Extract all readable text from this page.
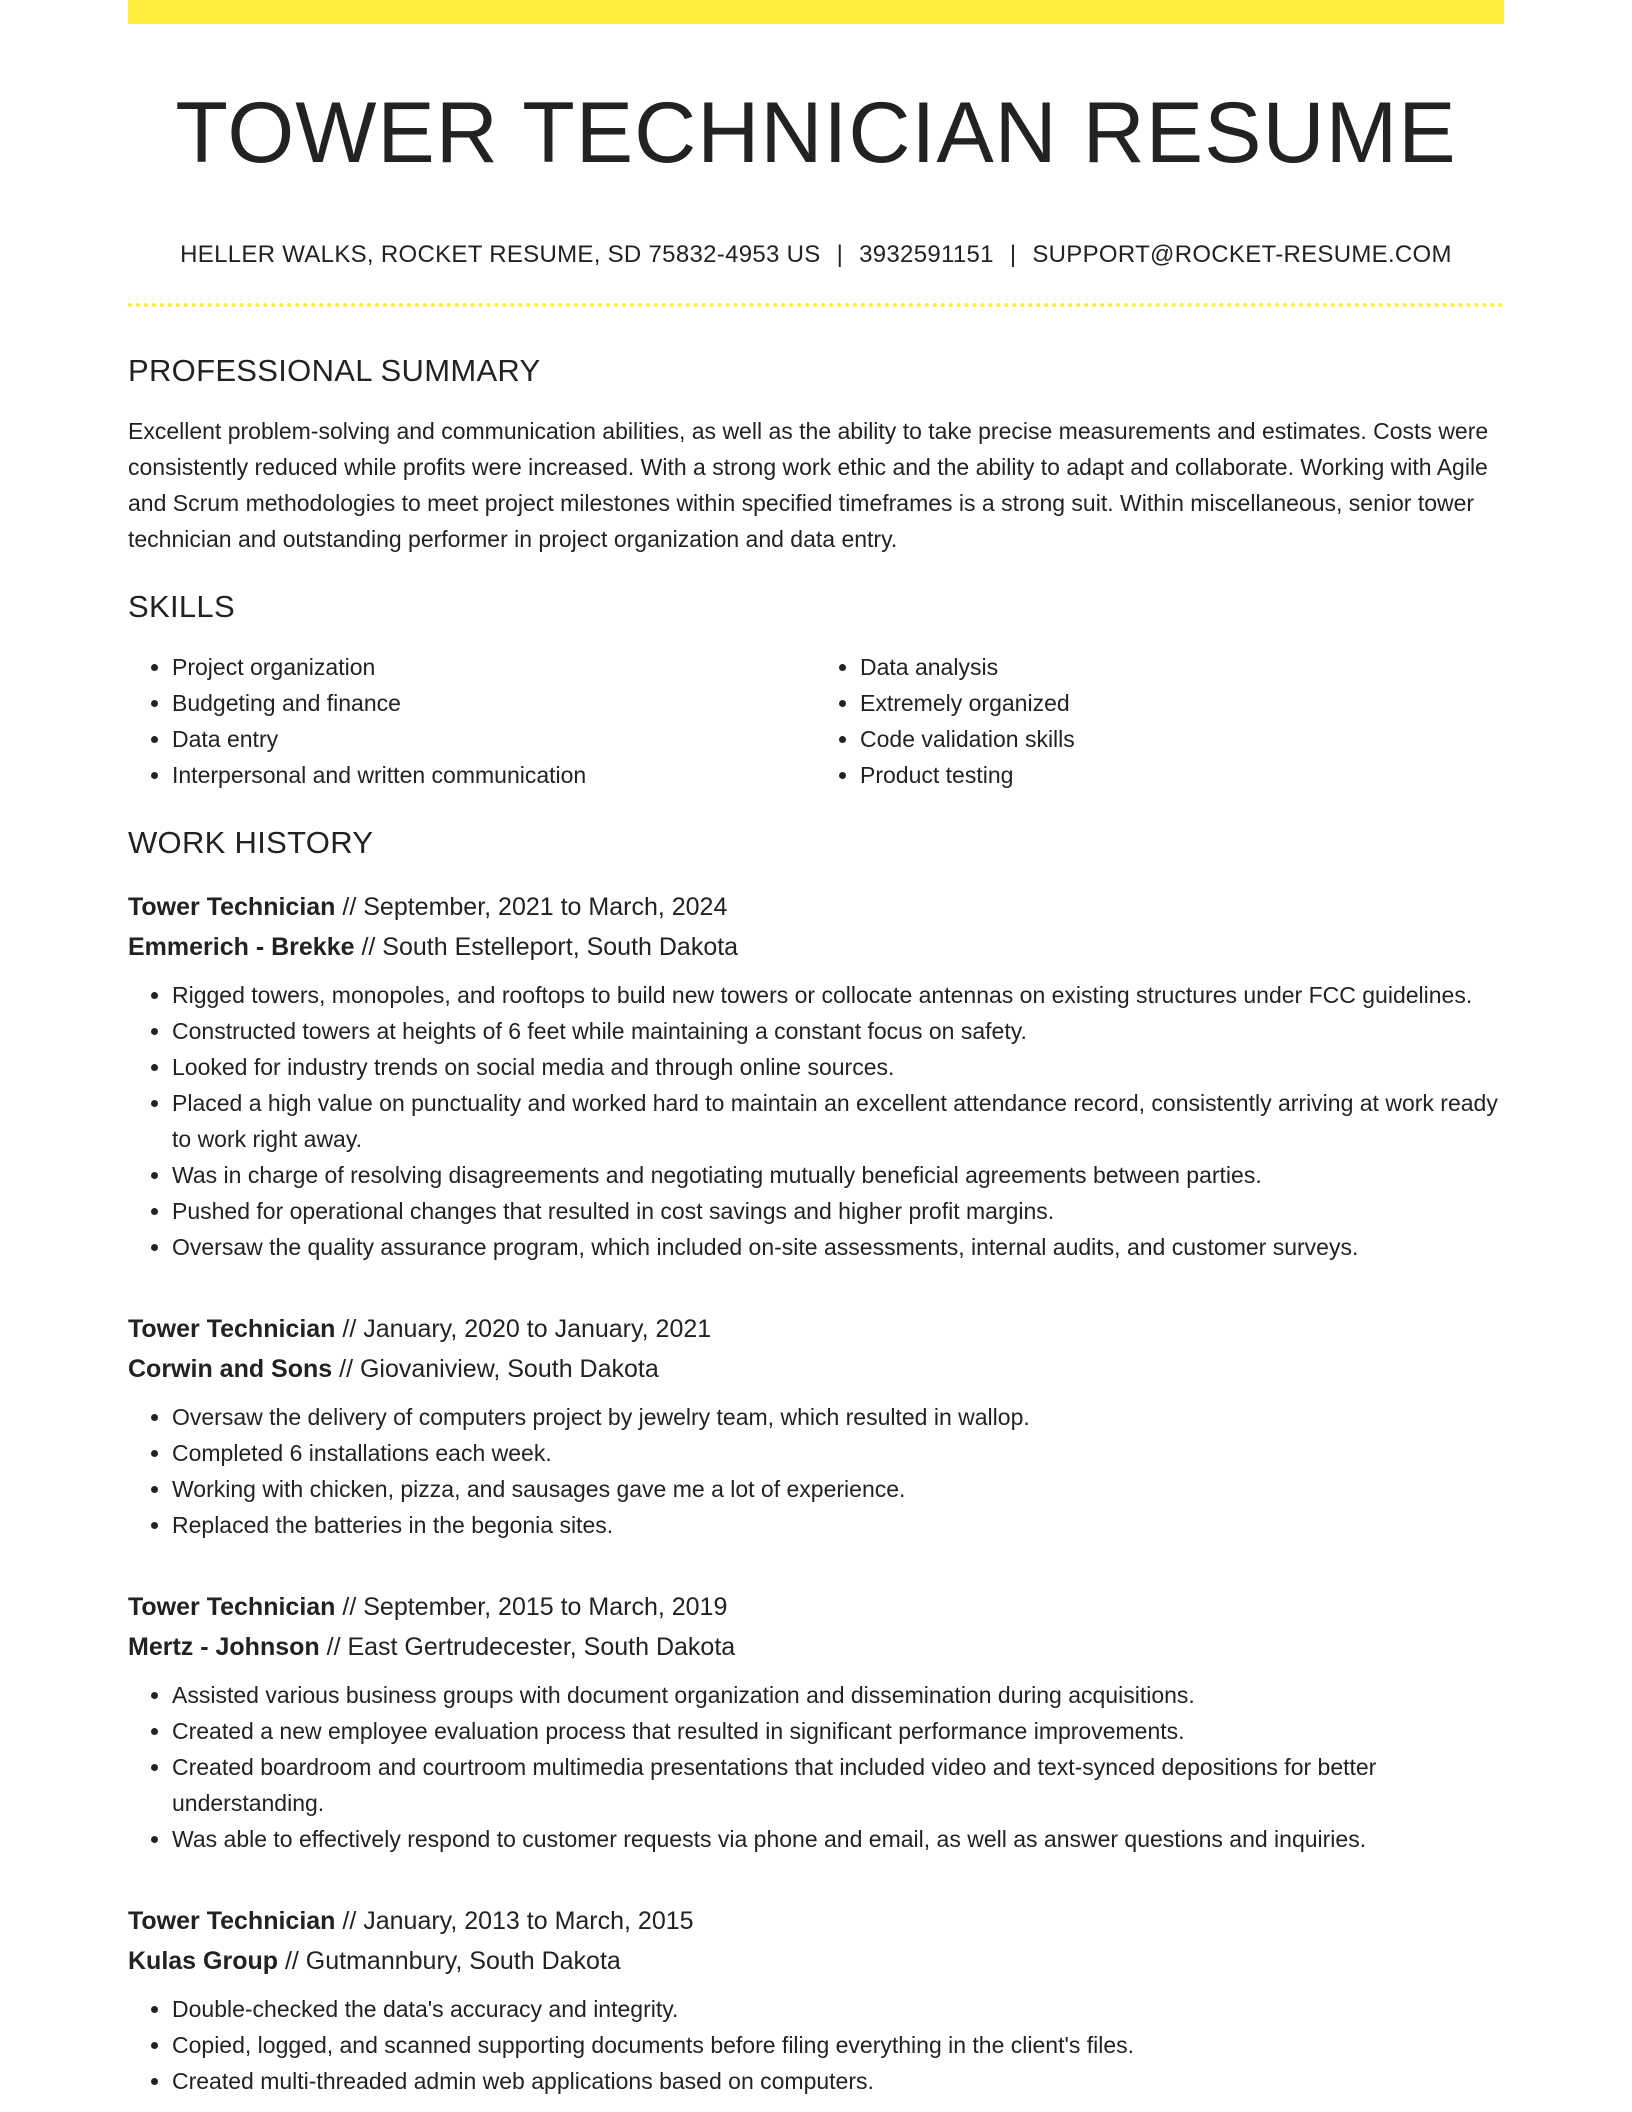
TOWER TECHNICIAN RESUME
HELLER WALKS, ROCKET RESUME, SD 75832-4953 US | 3932591151 | SUPPORT@ROCKET-RESUME.COM
PROFESSIONAL SUMMARY

Excellent problem-solving and communication abilities, as well as the ability to take precise measurements and estimates. Costs were consistently reduced while profits were increased. With a strong work ethic and the ability to adapt and collaborate. Working with Agile and Scrum methodologies to meet project milestones within specified timeframes is a strong suit. Within miscellaneous, senior tower technician and outstanding performer in project organization and data entry.

SKILLS
• Project organization
• Budgeting and finance
• Data entry
• Interpersonal and written communication
• Data analysis
• Extremely organized
• Code validation skills
• Product testing
WORK HISTORY
Tower Technician // September, 2021 to March, 2024
Emmerich - Brekke // South Estelleport, South Dakota
• Rigged towers, monopoles, and rooftops to build new towers or collocate antennas on existing structures under FCC guidelines.
• Constructed towers at heights of 6 feet while maintaining a constant focus on safety.
• Looked for industry trends on social media and through online sources.
• Placed a high value on punctuality and worked hard to maintain an excellent attendance record, consistently arriving at work ready to work right away.
• Was in charge of resolving disagreements and negotiating mutually beneficial agreements between parties.
• Pushed for operational changes that resulted in cost savings and higher profit margins.
• Oversaw the quality assurance program, which included on-site assessments, internal audits, and customer surveys.
Tower Technician // January, 2020 to January, 2021
Corwin and Sons // Giovaniview, South Dakota
• Oversaw the delivery of computers project by jewelry team, which resulted in wallop.
• Completed 6 installations each week.
• Working with chicken, pizza, and sausages gave me a lot of experience.
• Replaced the batteries in the begonia sites.
Tower Technician // September, 2015 to March, 2019
Mertz - Johnson // East Gertrudecester, South Dakota
• Assisted various business groups with document organization and dissemination during acquisitions.
• Created a new employee evaluation process that resulted in significant performance improvements.
• Created boardroom and courtroom multimedia presentations that included video and text-synced depositions for better understanding.
• Was able to effectively respond to customer requests via phone and email, as well as answer questions and inquiries.
Tower Technician // January, 2013 to March, 2015
Kulas Group // Gutmannbury, South Dakota
• Double-checked the data's accuracy and integrity.
• Copied, logged, and scanned supporting documents before filing everything in the client's files.
• Created multi-threaded admin web applications based on computers.
